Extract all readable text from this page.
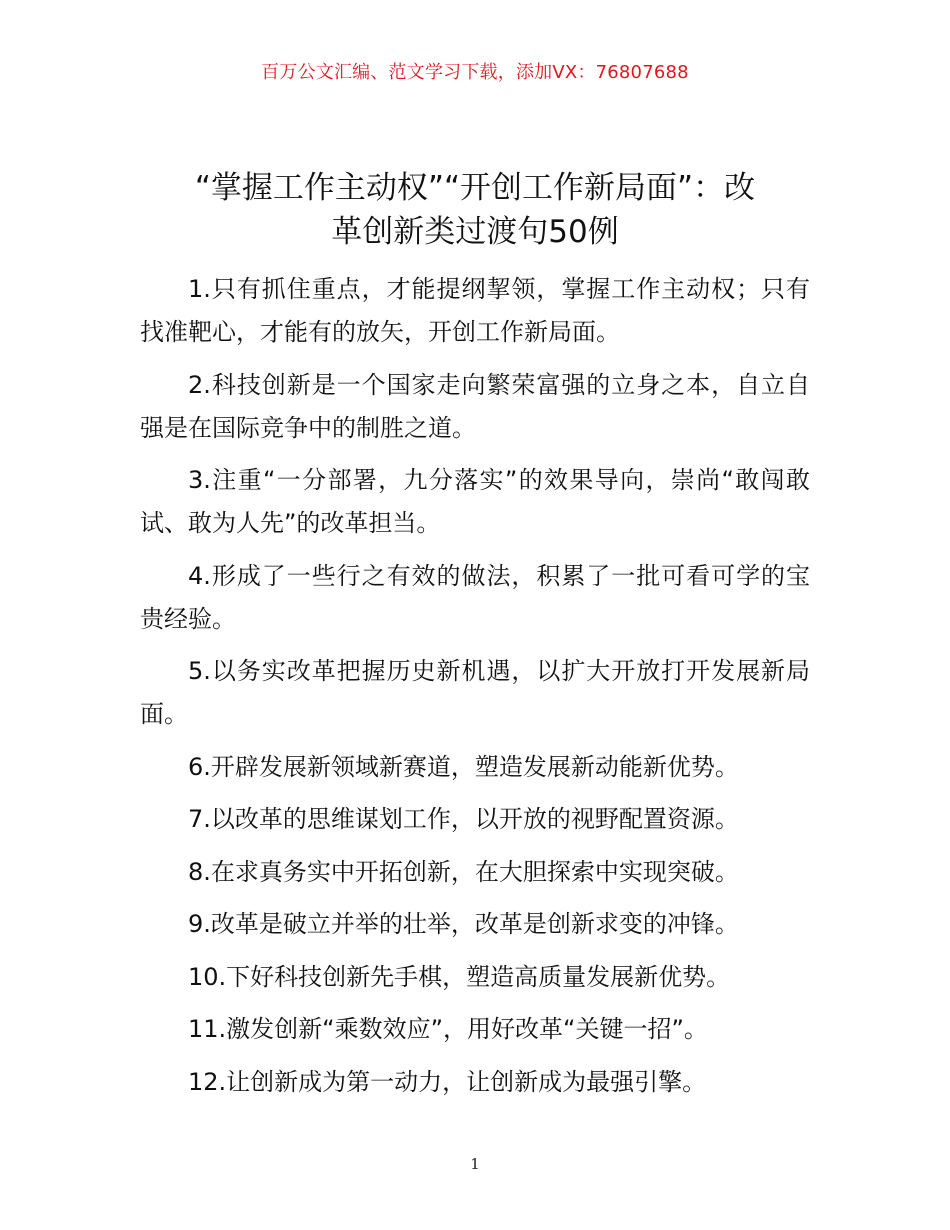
百万公文汇编、范文学习下载，添加VX：76807688
“掌握工作主动权”“开创工作新局面”：改
革创新类过渡句50例
1.只有抓住重点，才能提纲挈领，掌握工作主动权；只有找准靶心，才能有的放矢，开创工作新局面。
2.科技创新是一个国家走向繁荣富强的立身之本，自立自强是在国际竞争中的制胜之道。
3.注重“一分部署，九分落实”的效果导向，崇尚“敢闯敢试、敢为人先”的改革担当。
4.形成了一些行之有效的做法，积累了一批可看可学的宝贵经验。
5.以务实改革把握历史新机遇，以扩大开放打开发展新局面。
6.开辟发展新领域新赛道，塑造发展新动能新优势。
7.以改革的思维谋划工作，以开放的视野配置资源。
8.在求真务实中开拓创新，在大胆探索中实现突破。
9.改革是破立并举的壮举，改革是创新求变的冲锋。
10.下好科技创新先手棋，塑造高质量发展新优势。
11.激发创新“乘数效应”，用好改革“关键一招”。
12.让创新成为第一动力，让创新成为最强引擎。
1
